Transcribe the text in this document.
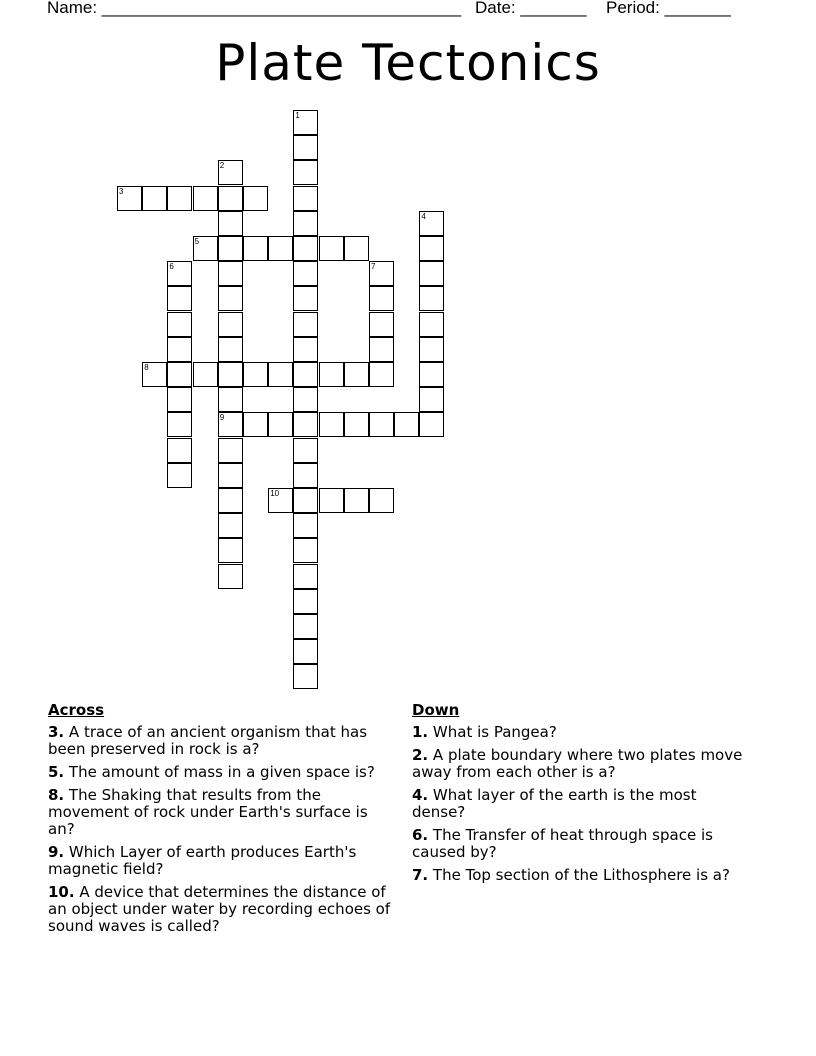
Name: ______________________________________ Date: _______ Period: _______
Plate Tectonics
1
2
9
3
4
5
6	7
8
10
Across
3. A trace of an ancient organism that has been preserved in rock is a?
5. The amount of mass in a given space is?
8. The Shaking that results from the movement of rock under Earth's surface is an?
9. Which Layer of earth produces Earth's magnetic field?
10. A device that determines the distance of an object under water by recording echoes of sound waves is called?
Down
1. What is Pangea?
2. A plate boundary where two plates move away from each other is a?
4. What layer of the earth is the most dense?
6. The Transfer of heat through space is caused by?
7. The Top section of the Lithosphere is a?
